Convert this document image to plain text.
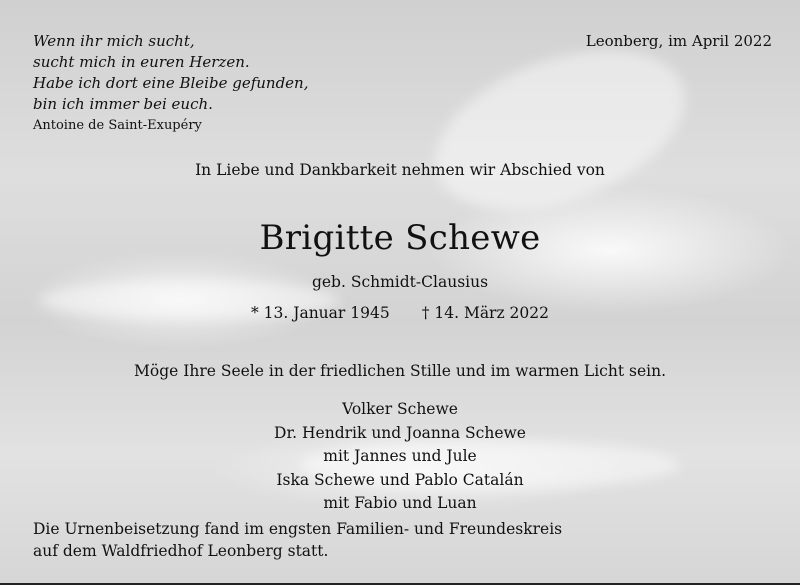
Wenn ihr mich sucht,
sucht mich in euren Herzen.
Habe ich dort eine Bleibe gefunden,
bin ich immer bei euch.
Antoine de Saint-Exupéry
Leonberg, im April 2022
In Liebe und Dankbarkeit nehmen wir Abschied von
Brigitte Schewe
geb. Schmidt-Clausius
* 13. Januar 1945 † 14. März 2022
Möge Ihre Seele in der friedlichen Stille und im warmen Licht sein.
Volker Schewe
Dr. Hendrik und Joanna Schewe
mit Jannes und Jule
Iska Schewe und Pablo Catalán
mit Fabio und Luan
Die Urnenbeisetzung fand im engsten Familien- und Freundeskreis
auf dem Waldfriedhof Leonberg statt.
